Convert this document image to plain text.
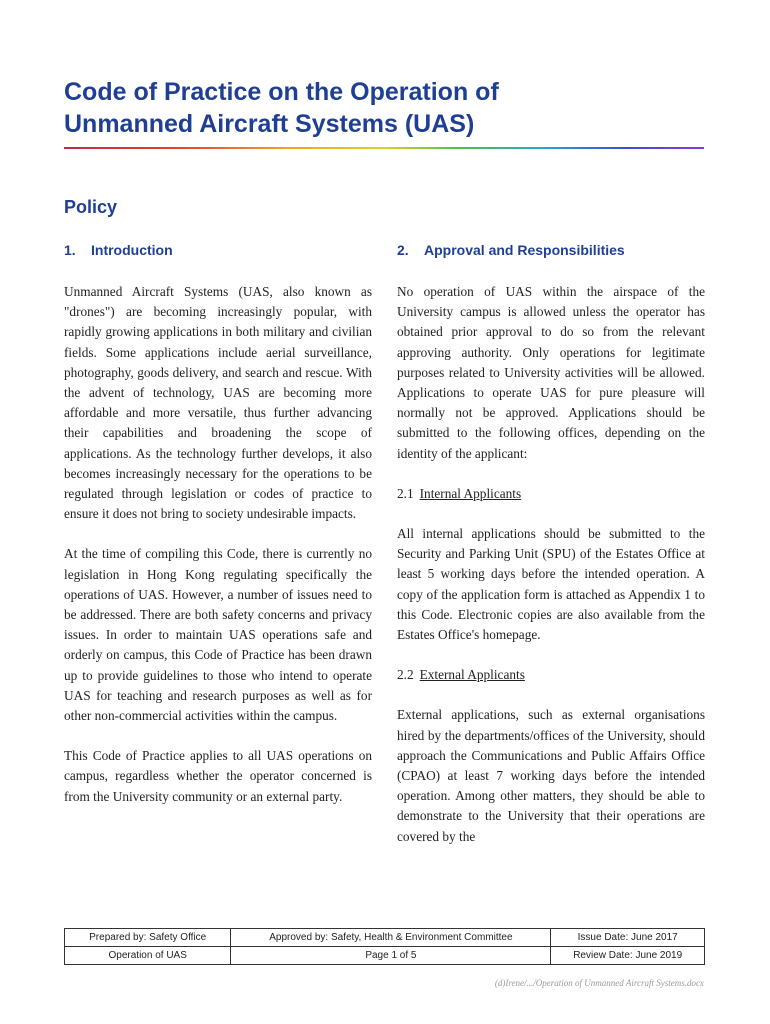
Code of Practice on the Operation of
Unmanned Aircraft Systems (UAS)
Policy
1. Introduction

Unmanned Aircraft Systems (UAS, also known as "drones") are becoming increasingly popular, with rapidly growing applications in both military and civilian fields. Some applications include aerial surveillance, photography, goods delivery, and search and rescue. With the advent of technology, UAS are becoming more affordable and more versatile, thus further advancing their capabilities and broadening the scope of applications. As the technology further develops, it also becomes increasingly necessary for the operations to be regulated through legislation or codes of practice to ensure it does not bring to society undesirable impacts.

At the time of compiling this Code, there is currently no legislation in Hong Kong regulating specifically the operations of UAS. However, a number of issues need to be addressed. There are both safety concerns and privacy issues. In order to maintain UAS operations safe and orderly on campus, this Code of Practice has been drawn up to provide guidelines to those who intend to operate UAS for teaching and research purposes as well as for other non-commercial activities within the campus.

This Code of Practice applies to all UAS operations on campus, regardless whether the operator concerned is from the University community or an external party.

2. Approval and Responsibilities

No operation of UAS within the airspace of the University campus is allowed unless the operator has obtained prior approval to do so from the relevant approving authority. Only operations for legitimate purposes related to University activities will be allowed. Applications to operate UAS for pure pleasure will normally not be approved. Applications should be submitted to the following offices, depending on the identity of the applicant:

2.1 Internal Applicants

All internal applications should be submitted to the Security and Parking Unit (SPU) of the Estates Office at least 5 working days before the intended operation. A copy of the application form is attached as Appendix 1 to this Code. Electronic copies are also available from the Estates Office's homepage.

2.2 External Applicants

External applications, such as external organisations hired by the departments/offices of the University, should approach the Communications and Public Affairs Office (CPAO) at least 7 working days before the intended operation. Among other matters, they should be able to demonstrate to the University that their operations are covered by the

Prepared by: Safety Office	Approved by: Safety, Health & Environment Committee	Issue Date: June 2017
Operation of UAS	Page 1 of 5	Review Date: June 2019
(d)Irene/.../Operation of Unmanned Aircraft Systems.docx
